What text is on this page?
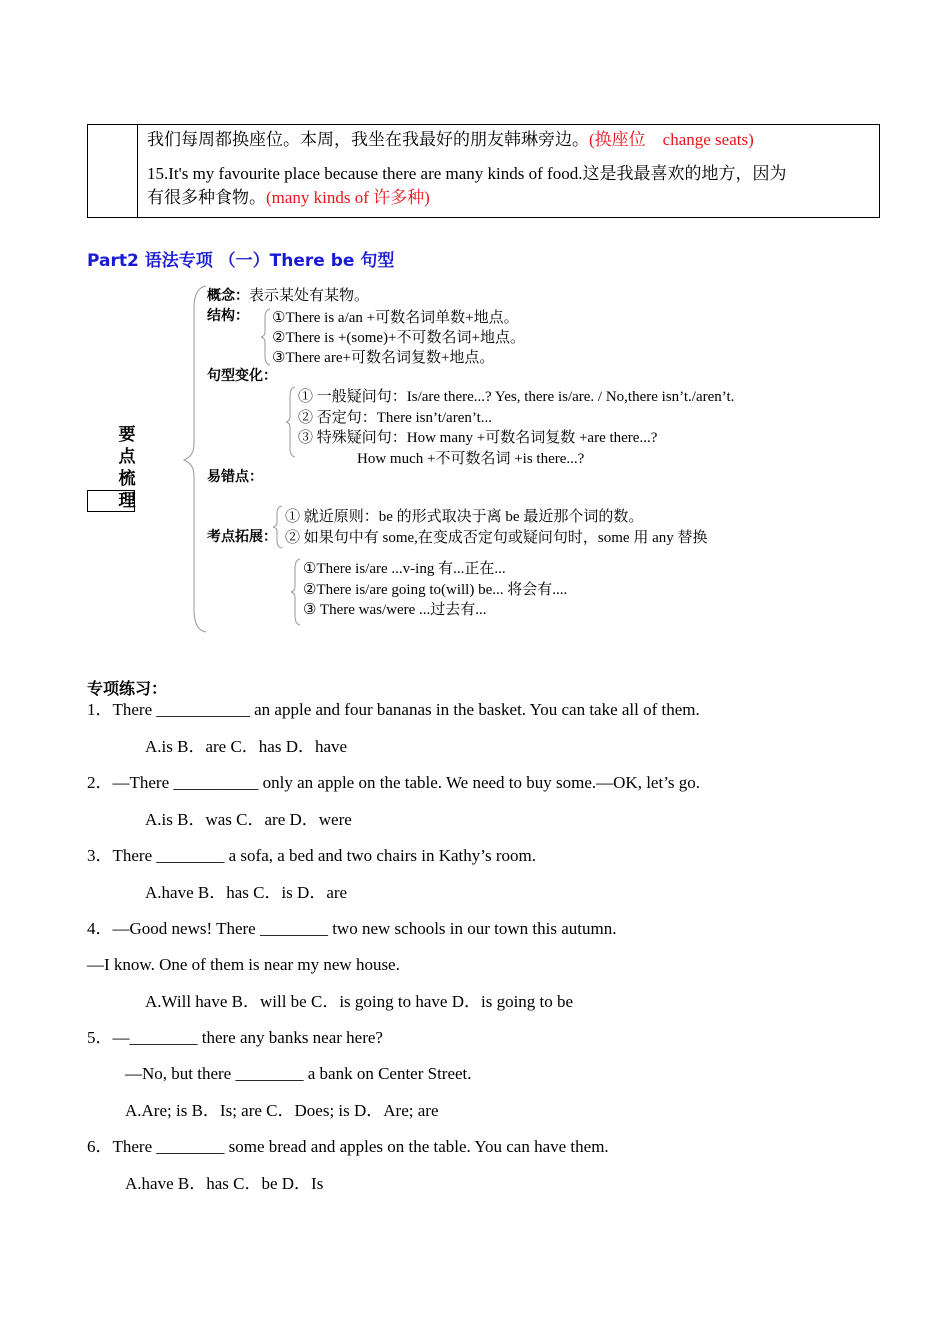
我们每周都换座位。本周，我坐在我最好的朋友韩琳旁边。(换座位　change seats)
15.It's my favourite place because there are many kinds of food.这是我最喜欢的地方，因为
有很多种食物。(many kinds of 许多种)
Part2 语法专项 （一）There be 句型
要
点
梳
理
概念：表示某处有某物。
结构： ①There is a/an +可数名词单数+地点。
②There is +(some)+不可数名词+地点。
③There are+可数名词复数+地点。
句型变化：
① 一般疑问句：Is/are there...? Yes, there is/are. / No,there isn’t./aren’t.
② 否定句：There isn’t/aren’t...
③ 特殊疑问句：How many +可数名词复数 +are there...?
How much +不可数名词 +is there...?
易错点：
① 就近原则：be 的形式取决于离 be 最近那个词的数。
考点拓展： ② 如果句中有 some,在变成否定句或疑问句时，some 用 any 替换
①There is/are ...v-ing 有...正在...
②There is/are going to(will) be... 将会有....
③ There was/were ...过去有...
专项练习：
1．There ___________ an apple and four bananas in the basket. You can take all of them.
A.is B．are C．has D．have
2．—There __________ only an apple on the table. We need to buy some.—OK, let’s go.
A.is B．was C．are D．were
3．There ________ a sofa, a bed and two chairs in Kathy’s room.
A.have B．has C．is D．are
4．—Good news! There ________ two new schools in our town this autumn.
—I know. One of them is near my new house.
A.Will have B．will be C．is going to have D．is going to be
5．—________ there any banks near here?
—No, but there ________ a bank on Center Street.
A.Are; is B．Is; are C．Does; is D．Are; are
6．There ________ some bread and apples on the table. You can have them.
A.have B．has C．be D．Is
